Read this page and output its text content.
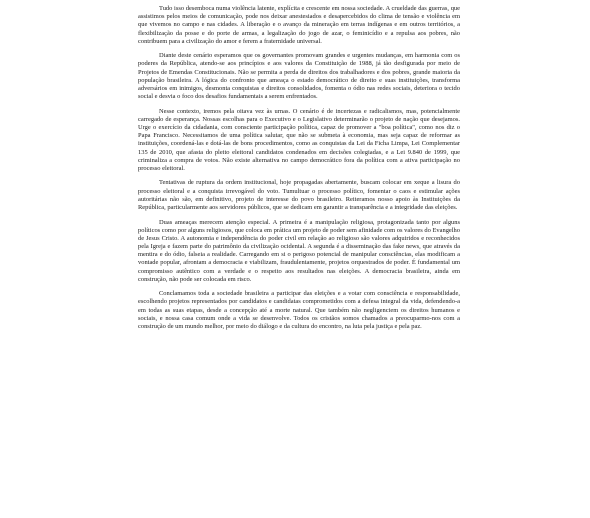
Tudo isso desemboca numa violência latente, explícita e crescente em nossa sociedade. A crueldade das guerras, que assistimos pelos meios de comunicação, pode nos deixar anestesiados e desapercebidos do clima de tensão e violência em que vivemos no campo e nas cidades. A liberação e o avanço da mineração em terras indígenas e em outros territórios, a flexibilização da posse e do porte de armas, a legalização do jogo de azar, o feminicídio e a repulsa aos pobres, não contribuem para a civilização do amor e ferem a fraternidade universal.

Diante deste cenário esperamos que os governantes promovam grandes e urgentes mudanças, em harmonia com os poderes da República, atendo-se aos princípios e aos valores da Constituição de 1988, já tão desfigurada por meio de Projetos de Emendas Constitucionais. Não se permita a perda de direitos dos trabalhadores e dos pobres, grande maioria da população brasileira. A lógica do confronto que ameaça o estado democrático de direito e suas instituições, transforma adversários em inimigos, desmonta conquistas e direitos consolidados, fomenta o ódio nas redes sociais, deteriora o tecido social e desvia o foco dos desafios fundamentais a serem enfrentados.

Nesse contexto, iremos pela oitava vez às urnas. O cenário é de incertezas e radicalismos, mas, potencialmente carregado de esperança. Nossas escolhas para o Executivo e o Legislativo determinarão o projeto de nação que desejamos. Urge o exercício da cidadania, com consciente participação política, capaz de promover a "boa política", como nos diz o Papa Francisco. Necessitamos de uma política salutar, que não se submeta à economia, mas seja capaz de reformar as instituições, coordená-las e dotá-las de bons procedimentos, como as conquistas da Lei da Ficha Limpa, Lei Complementar 135 de 2010, que afasta do pleito eleitoral candidatos condenados em decisões colegiadas, e a Lei 9.840 de 1999, que criminaliza a compra de votos. Não existe alternativa no campo democrático fora da política com a ativa participação no processo eleitoral.

Tentativas de ruptura da ordem institucional, hoje propagadas abertamente, buscam colocar em xeque a lisura do processo eleitoral e a conquista irrevogável do voto. Tumultuar o processo político, fomentar o caos e estimular ações autoritárias não são, em definitivo, projeto de interesse do povo brasileiro. Reiteramos nosso apoio às Instituições da República, particularmente aos servidores públicos, que se dedicam em garantir a transparência e a integridade das eleições.

Duas ameaças merecem atenção especial. A primeira é a manipulação religiosa, protagonizada tanto por alguns políticos como por alguns religiosos, que coloca em prática um projeto de poder sem afinidade com os valores do Evangelho de Jesus Cristo. A autonomia e independência do poder civil em relação ao religioso são valores adquiridos e reconhecidos pela Igreja e fazem parte do patrimônio da civilização ocidental. A segunda é a disseminação das fake news, que através da mentira e do ódio, falseia a realidade. Carregando em si o perigoso potencial de manipular consciências, elas modificam a vontade popular, afrontam a democracia e viabilizam, fraudulentamente, projetos orquestrados de poder. É fundamental um compromisso autêntico com a verdade e o respeito aos resultados nas eleições. A democracia brasileira, ainda em construção, não pode ser colocada em risco.

Conclamamos toda a sociedade brasileira a participar das eleições e a votar com consciência e responsabilidade, escolhendo projetos representados por candidatos e candidatas comprometidos com a defesa integral da vida, defendendo-a em todas as suas etapas, desde a concepção até a morte natural. Que também não negligenciem os direitos humanos e sociais, e nossa casa comum onde a vida se desenvolve. Todos os cristãos somos chamados a preocuparmo-nos com a construção de um mundo melhor, por meio do diálogo e da cultura do encontro, na luta pela justiça e pela paz.
